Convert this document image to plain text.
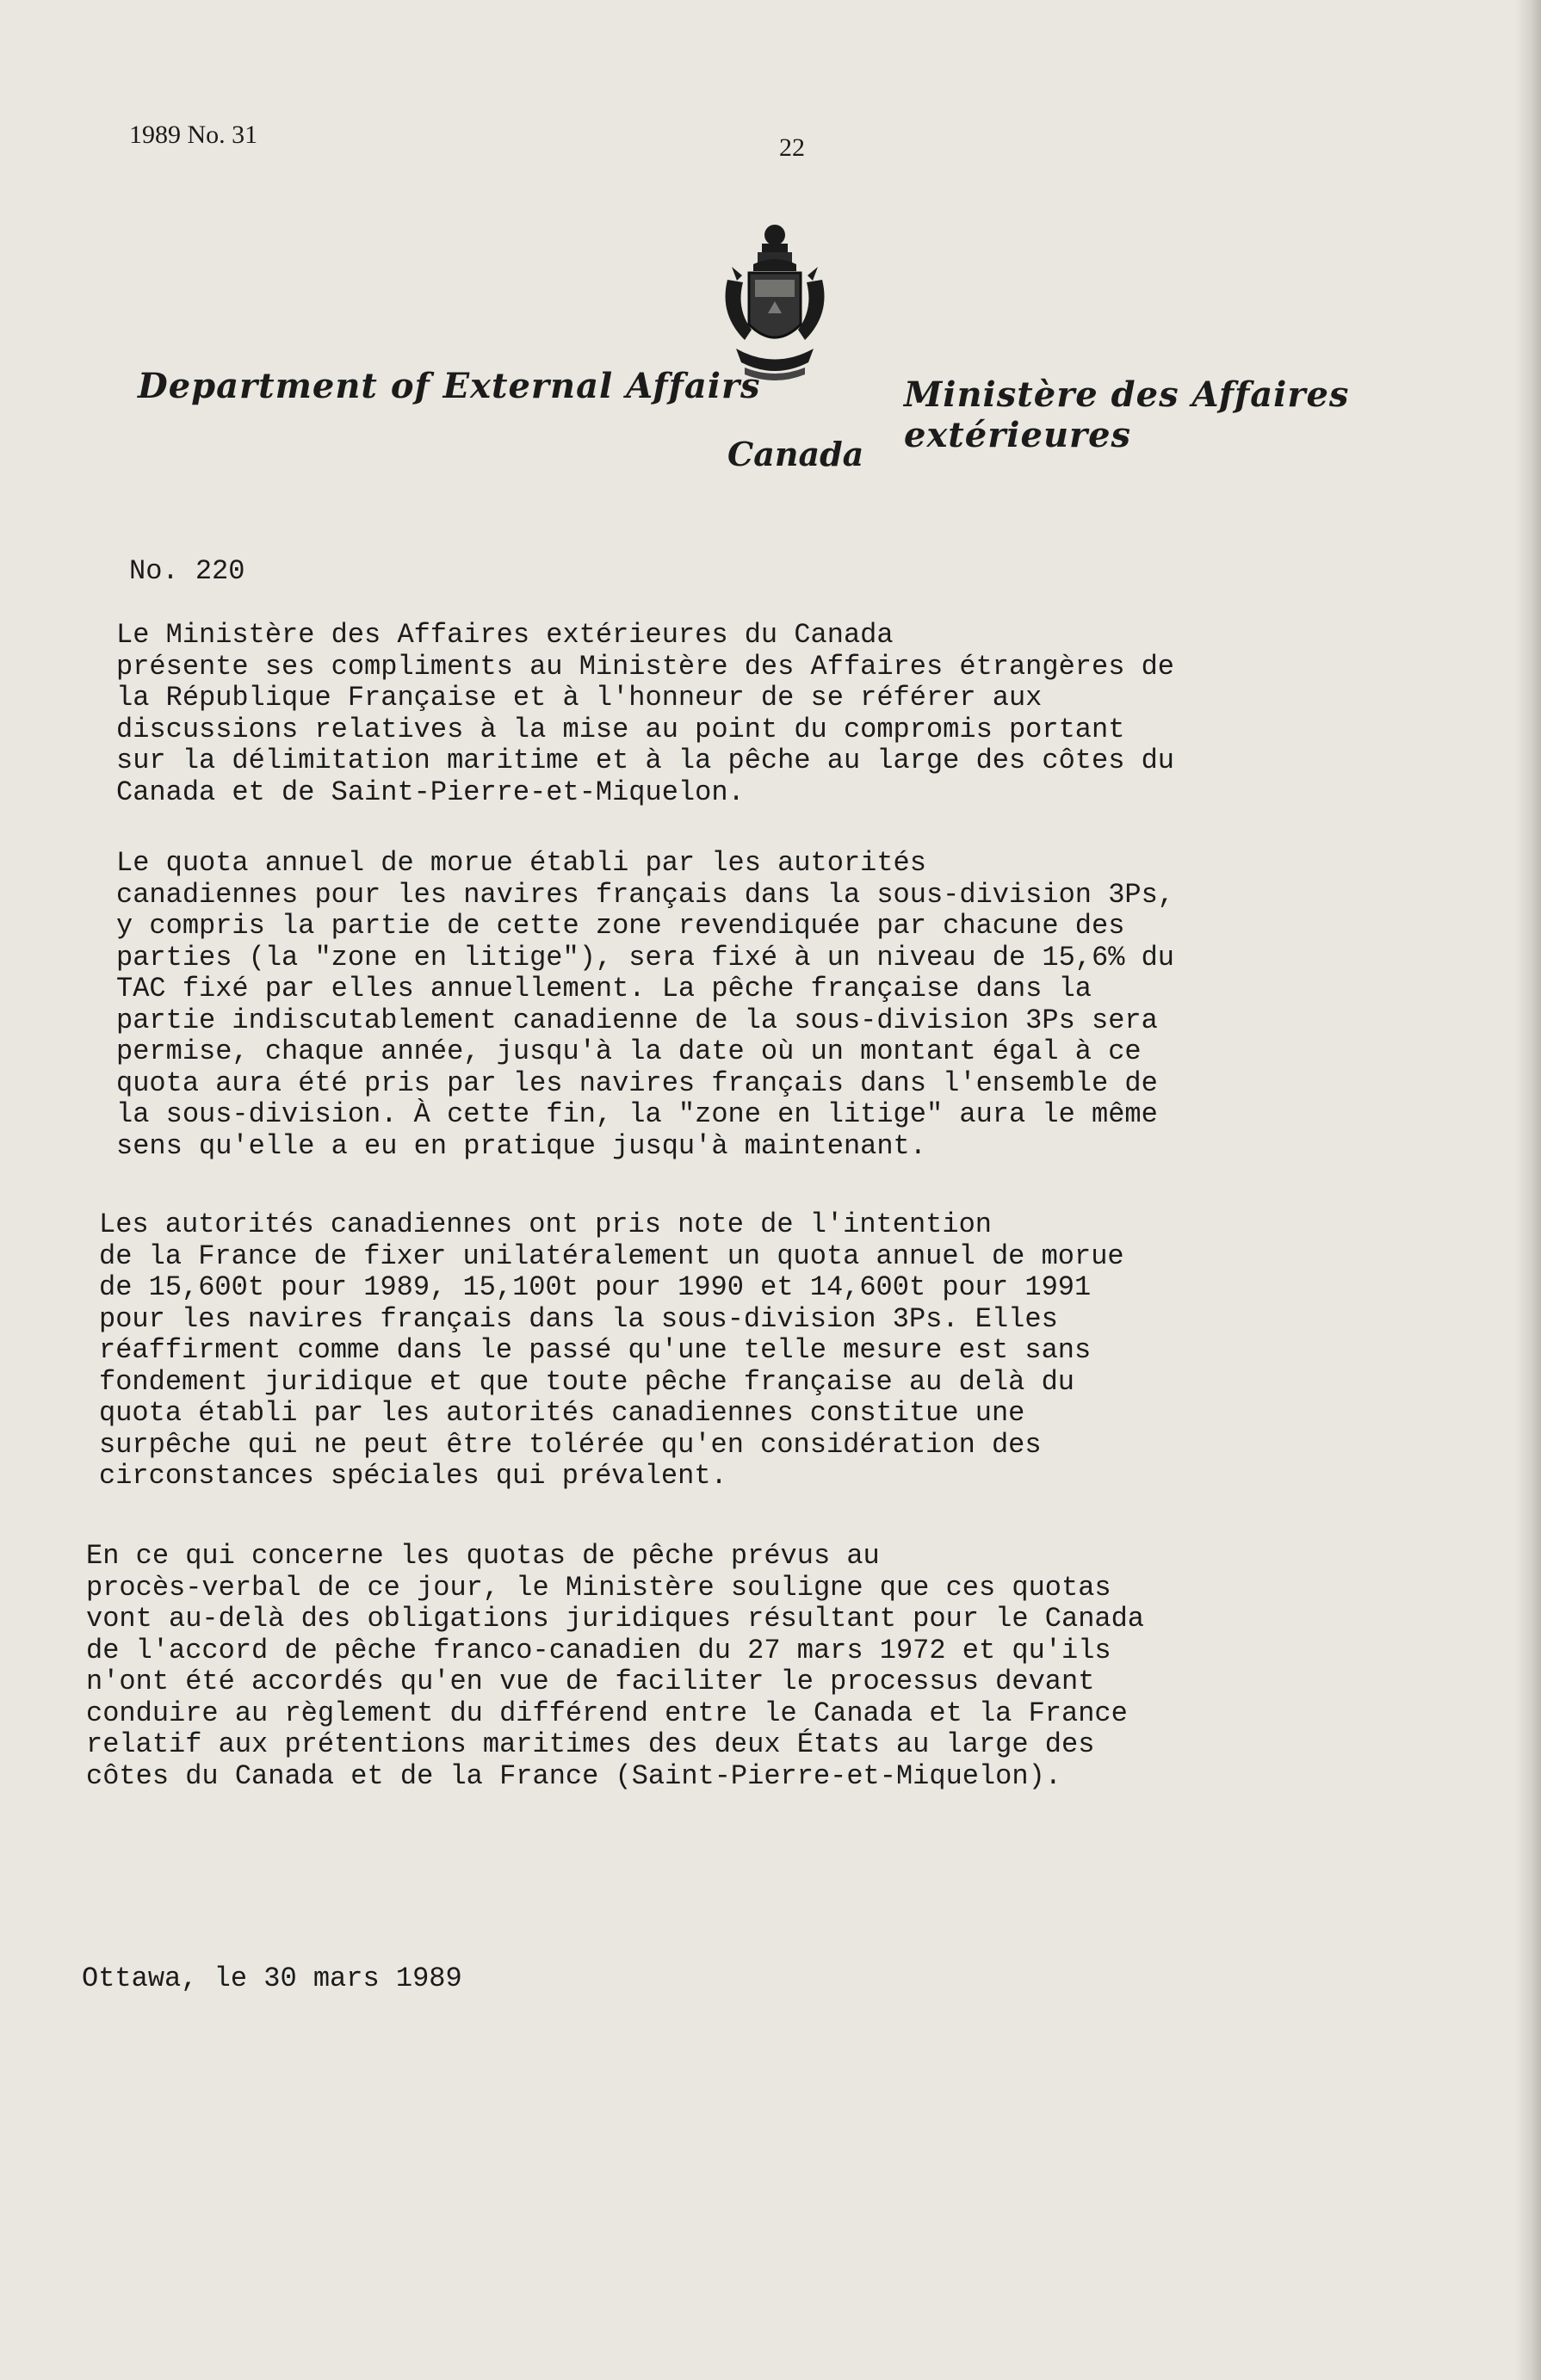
1989 No. 31	22
Department of External Affairs	Ministère des Affaires extérieures
Canada
No. 220

Le Ministère des Affaires extérieures du Canada
présente ses compliments au Ministère des Affaires étrangères de
la République Française et à l'honneur de se référer aux
discussions relatives à la mise au point du compromis portant
sur la délimitation maritime et à la pêche au large des côtes du
Canada et de Saint-Pierre-et-Miquelon.

Le quota annuel de morue établi par les autorités
canadiennes pour les navires français dans la sous-division 3Ps,
y compris la partie de cette zone revendiquée par chacune des
parties (la "zone en litige"), sera fixé à un niveau de 15,6% du
TAC fixé par elles annuellement. La pêche française dans la
partie indiscutablement canadienne de la sous-division 3Ps sera
permise, chaque année, jusqu'à la date où un montant égal à ce
quota aura été pris par les navires français dans l'ensemble de
la sous-division. À cette fin, la "zone en litige" aura le même
sens qu'elle a eu en pratique jusqu'à maintenant.

Les autorités canadiennes ont pris note de l'intention
de la France de fixer unilatéralement un quota annuel de morue
de 15,600t pour 1989, 15,100t pour 1990 et 14,600t pour 1991
pour les navires français dans la sous-division 3Ps. Elles
réaffirment comme dans le passé qu'une telle mesure est sans
fondement juridique et que toute pêche française au delà du
quota établi par les autorités canadiennes constitue une
surpêche qui ne peut être tolérée qu'en considération des
circonstances spéciales qui prévalent.

En ce qui concerne les quotas de pêche prévus au
procès-verbal de ce jour, le Ministère souligne que ces quotas
vont au-delà des obligations juridiques résultant pour le Canada
de l'accord de pêche franco-canadien du 27 mars 1972 et qu'ils
n'ont été accordés qu'en vue de faciliter le processus devant
conduire au règlement du différend entre le Canada et la France
relatif aux prétentions maritimes des deux États au large des
côtes du Canada et de la France (Saint-Pierre-et-Miquelon).

Ottawa, le 30 mars 1989
